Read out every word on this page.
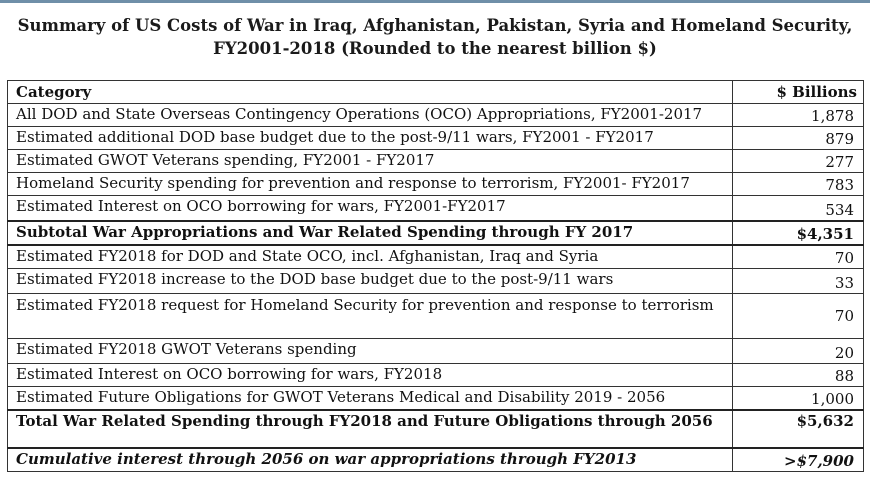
Summary of US Costs of War in Iraq, Afghanistan, Pakistan, Syria and Homeland Security,
FY2001-2018 (Rounded to the nearest billion $)
Category	$ Billions
All DOD and State Overseas Contingency Operations (OCO) Appropriations, FY2001-2017	1,878
Estimated additional DOD base budget due to the post-9/11 wars, FY2001 - FY2017	879
Estimated GWOT Veterans spending, FY2001 - FY2017	277
Homeland Security spending for prevention and response to terrorism, FY2001- FY2017	783
Estimated Interest on OCO borrowing for wars, FY2001-FY2017	534
Subtotal War Appropriations and War Related Spending through FY 2017	$4,351
Estimated FY2018 for DOD and State OCO, incl. Afghanistan, Iraq and Syria	70
Estimated FY2018 increase to the DOD base budget due to the post-9/11 wars	33
Estimated FY2018 request for Homeland Security for prevention and response to terrorism	70
Estimated FY2018 GWOT Veterans spending	20
Estimated Interest on OCO borrowing for wars, FY2018	88
Estimated Future Obligations for GWOT Veterans Medical and Disability 2019 - 2056	1,000
Total War Related Spending through FY2018 and Future Obligations through 2056	$5,632
Cumulative interest through 2056 on war appropriations through FY2013	>$7,900
